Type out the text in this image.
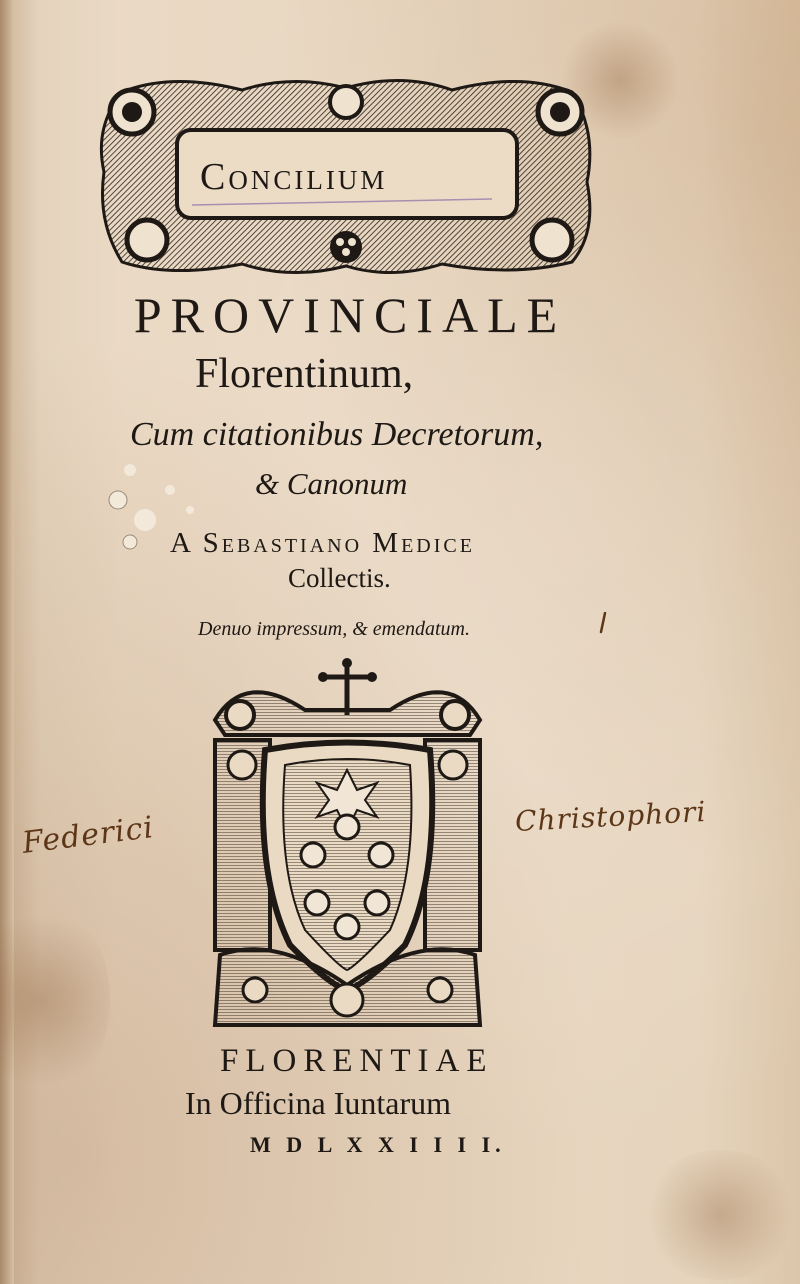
Concilium
PROVINCIALE
Florentinum,
Cum citationibus Decretorum,
& Canonum
A Sebastiano Medice
Collectis.
Denuo impressum, & emendatum.
Federici	Christophori
FLORENTIAE
In Officina Iuntarum
M D L X X I I I I.
